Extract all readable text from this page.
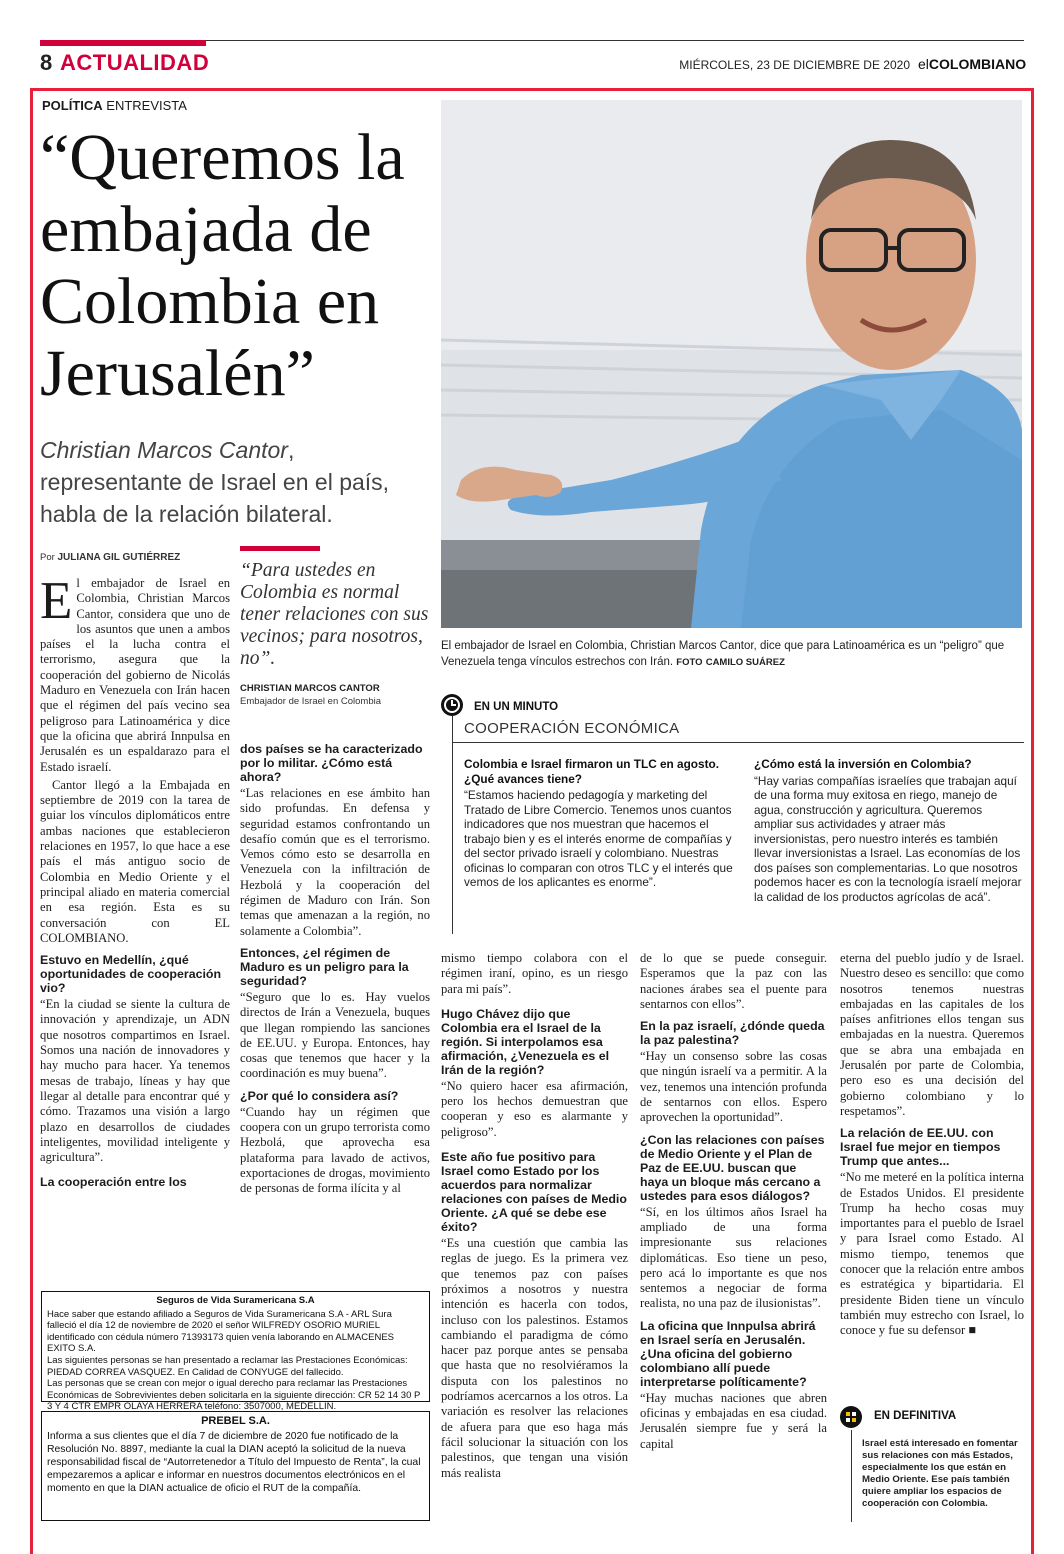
8 ACTUALIDAD	MIÉRCOLES, 23 DE DICIEMBRE DE 2020 elCOLOMBIANO
POLÍTICA ENTREVISTA
“Queremos la embajada de Colombia en Jerusalén”
Christian Marcos Cantor, representante de Israel en el país, habla de la relación bilateral.
El embajador de Israel en Colombia, Christian Marcos Cantor, dice que para Latinoamérica es un “peligro” que Venezuela tenga vínculos estrechos con Irán. FOTO CAMILO SUÁREZ
Por JULIANA GIL GUTIÉRREZ
“Para ustedes en Colombia es normal tener relaciones con sus vecinos; para nosotros, no”.
CHRISTIAN MARCOS CANTOR
Embajador de Israel en Colombia

El embajador de Israel en Colombia, Christian Marcos Cantor, considera que uno de los asuntos que unen a ambos países el la lucha contra el terrorismo, asegura que la cooperación del gobierno de Nicolás Maduro en Venezuela con Irán hacen que el régimen del país vecino sea peligroso para Latinoamérica y dice que la oficina que abrirá Innpulsa en Jerusalén es un espaldarazo para el Estado israelí.

Cantor llegó a la Embajada en septiembre de 2019 con la tarea de guiar los vínculos diplomáticos entre ambas naciones que establecieron relaciones en 1957, lo que hace a ese país el más antiguo socio de Colombia en Medio Oriente y el principal aliado en materia comercial en esa región. Esta es su conversación con EL COLOMBIANO.

Estuvo en Medellín, ¿qué oportunidades de cooperación vio?

“En la ciudad se siente la cultura de innovación y aprendizaje, un ADN que nosotros compartimos en Israel. Somos una nación de innovadores y hay mucho para hacer. Ya tenemos mesas de trabajo, líneas y hay que llegar al detalle para encontrar qué y cómo. Trazamos una visión a largo plazo en desarrollos de ciudades inteligentes, movilidad inteligente y agricultura”.

La cooperación entre los
dos países se ha caracterizado por lo militar. ¿Cómo está ahora?

“Las relaciones en ese ámbito han sido profundas. En defensa y seguridad estamos confrontando un desafío común que es el terrorismo. Vemos cómo esto se desarrolla en Venezuela con la infiltración de Hezbolá y la cooperación del régimen de Maduro con Irán. Son temas que amenazan a la región, no solamente a Colombia”.

Entonces, ¿el régimen de Maduro es un peligro para la seguridad?

“Seguro que lo es. Hay vuelos directos de Irán a Venezuela, buques que llegan rompiendo las sanciones de EE.UU. y Europa. Entonces, hay cosas que tenemos que hacer y la coordinación es muy buena”.

¿Por qué lo considera así?

“Cuando hay un régimen que coopera con un grupo terrorista como Hezbolá, que aprovecha esa plataforma para lavado de activos, exportaciones de drogas, movimiento de personas de forma ilícita y al

EN UN MINUTO
COOPERACIÓN ECONÓMICA
Colombia e Israel firmaron un TLC en agosto. ¿Qué avances tiene?
“Estamos haciendo pedagogía y marketing del Tratado de Libre Comercio. Tenemos unos cuantos indicadores que nos muestran que hacemos el trabajo bien y es el interés enorme de compañías y del sector privado israelí y colombiano. Nuestras oficinas lo comparan con otros TLC y el interés que vemos de los aplicantes es enorme”.
¿Cómo está la inversión en Colombia?
“Hay varias compañías israelíes que trabajan aquí de una forma muy exitosa en riego, manejo de agua, construcción y agricultura. Queremos ampliar sus actividades y atraer más inversionistas, pero nuestro interés es también llevar inversionistas a Israel. Las economías de los dos países son complementarias. Lo que nosotros podemos hacer es con la tecnología israelí mejorar la calidad de los productos agrícolas de acá”.

mismo tiempo colabora con el régimen iraní, opino, es un riesgo para mi país”.

Hugo Chávez dijo que Colombia era el Israel de la región. Si interpolamos esa afirmación, ¿Venezuela es el Irán de la región?

“No quiero hacer esa afirmación, pero los hechos demuestran que cooperan y eso es alarmante y peligroso”.

Este año fue positivo para Israel como Estado por los acuerdos para normalizar relaciones con países de Medio Oriente. ¿A qué se debe ese éxito?

“Es una cuestión que cambia las reglas de juego. Es la primera vez que tenemos paz con países próximos a nosotros y nuestra intención es hacerla con todos, incluso con los palestinos. Estamos cambiando el paradigma de cómo hacer paz porque antes se pensaba que hasta que no resolviéramos la disputa con los palestinos no podríamos acercarnos a los otros. La variación es resolver las relaciones de afuera para que eso haga más fácil solucionar la situación con los palestinos, que tengan una visión más realista

de lo que se puede conseguir. Esperamos que la paz con las naciones árabes sea el puente para sentarnos con ellos”.

En la paz israelí, ¿dónde queda la paz palestina?

“Hay un consenso sobre las cosas que ningún israelí va a permitir. A la vez, tenemos una intención profunda de sentarnos con ellos. Espero aprovechen la oportunidad”.

¿Con las relaciones con países de Medio Oriente y el Plan de Paz de EE.UU. buscan que haya un bloque más cercano a ustedes para esos diálogos?

“Sí, en los últimos años Israel ha ampliado de una forma impresionante sus relaciones diplomáticas. Eso tiene un peso, pero acá lo importante es que nos sentemos a negociar de forma realista, no una paz de ilusionistas”.

La oficina que Innpulsa abrirá en Israel sería en Jerusalén. ¿Una oficina del gobierno colombiano allí puede interpretarse políticamente?

“Hay muchas naciones que abren oficinas y embajadas en esa ciudad. Jerusalén siempre fue y será la capital

eterna del pueblo judío y de Israel. Nuestro deseo es sencillo: que como nosotros tenemos nuestras embajadas en las capitales de los países anfitriones ellos tengan sus embajadas en la nuestra. Queremos que se abra una embajada en Jerusalén por parte de Colombia, pero eso es una decisión del gobierno colombiano y lo respetamos”.

La relación de EE.UU. con Israel fue mejor en tiempos Trump que antes...

“No me meteré en la política interna de Estados Unidos. El presidente Trump ha hecho cosas muy importantes para el pueblo de Israel y para Israel como Estado. Al mismo tiempo, tenemos que conocer que la relación entre ambos es estratégica y bipartidaria. El presidente Biden tiene un vínculo también muy estrecho con Israel, lo conoce y fue su defensor ■

EN DEFINITIVA
Israel está interesado en fomentar sus relaciones con más Estados, especialmente los que están en Medio Oriente. Ese país también quiere ampliar los espacios de cooperación con Colombia.
Seguros de Vida Suramericana S.A
Hace saber que estando afiliado a Seguros de Vida Suramericana S.A - ARL Sura falleció el día 12 de noviembre de 2020 el señor WILFREDY OSORIO MURIEL identificado con cédula número 71393173 quien venía laborando en ALMACENES EXITO S.A.
Las siguientes personas se han presentado a reclamar las Prestaciones Económicas: PIEDAD CORREA VASQUEZ. En Calidad de CONYUGE del fallecido.
Las personas que se crean con mejor o igual derecho para reclamar las Prestaciones Económicas de Sobrevivientes deben solicitarla en la siguiente dirección: CR 52 14 30 P 3 Y 4 CTR EMPR OLAYA HERRERA teléfono: 3507000, MEDELLIN.
PREBEL S.A.
Informa a sus clientes que el día 7 de diciembre de 2020 fue notificado de la Resolución No. 8897, mediante la cual la DIAN aceptó la solicitud de la nueva responsabilidad fiscal de “Autorretenedor a Título del Impuesto de Renta”, la cual empezaremos a aplicar e informar en nuestros documentos electrónicos en el momento en que la DIAN actualice de oficio el RUT de la compañía.
